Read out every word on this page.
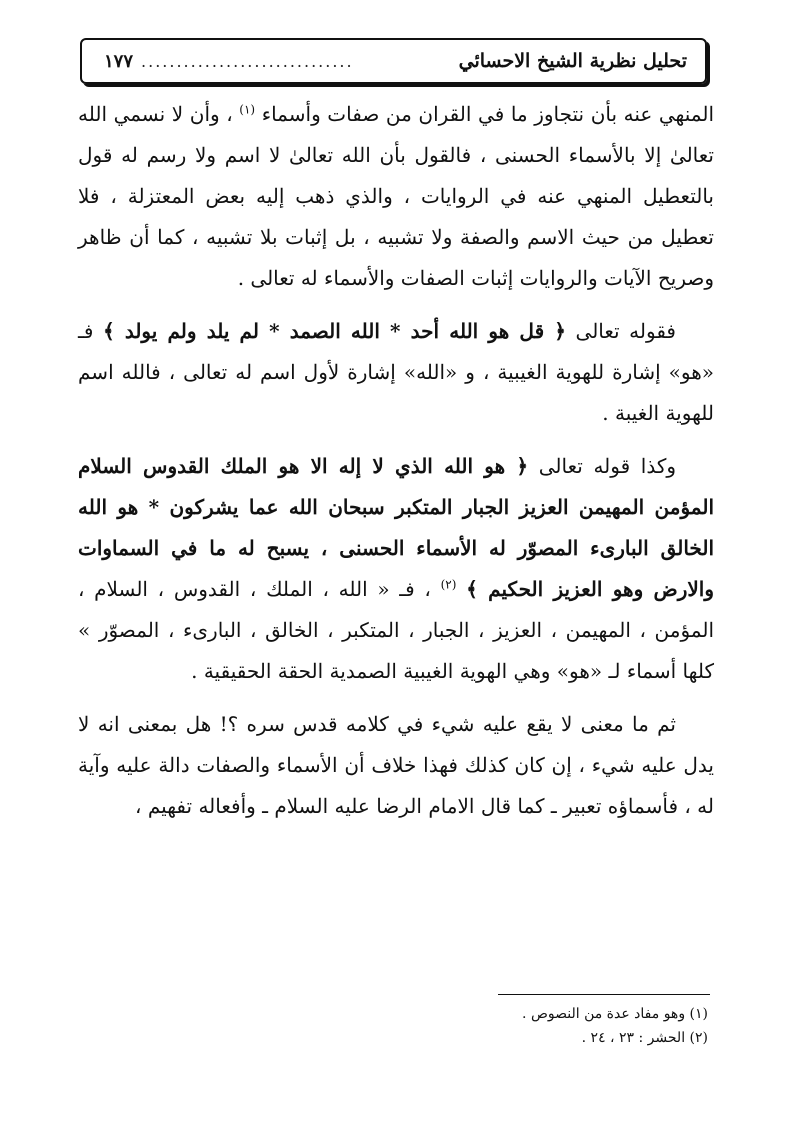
١٧٧ ..............................	تحليل نظرية الشيخ الاحسائي

المنهي عنه بأن نتجاوز ما في القران من صفات وأسماء $^{(١)}$ ، وأن لا نسمي الله تعالىٰ إلا بالأسماء الحسنى ، فالقول بأن الله تعالىٰ لا اسم ولا رسم له قول بالتعطيل المنهي عنه في الروايات ، والذي ذهب إليه بعض المعتزلة ، فلا تعطيل من حيث الاسم والصفة ولا تشبيه ، بل إثبات بلا تشبيه ، كما أن ظاهر وصريح الآيات والروايات إثبات الصفات والأسماء له تعالى .

فقوله تعالى ﴿ قل هو الله أحد * الله الصمد * لم يلد ولم يولد ﴾ فـ «هو» إشارة للهوية الغيبية ، و «الله» إشارة لأول اسم له تعالى ، فالله اسم للهوية الغيبة .

وكذا قوله تعالى ﴿ هو الله الذي لا إله الا هو الملك القدوس السلام المؤمن المهيمن العزيز الجبار المتكبر سبحان الله عما يشركون * هو الله الخالق البارىء المصوّر له الأسماء الحسنى ، يسبح له ما في السماوات والارض وهو العزيز الحكيم ﴾ $^{(٢)}$ ، فـ « الله ، الملك ، القدوس ، السلام ، المؤمن ، المهيمن ، العزيز ، الجبار ، المتكبر ، الخالق ، البارىء ، المصوّر » كلها أسماء لـ «هو» وهي الهوية الغيبية الصمدية الحقة الحقيقية .

ثم ما معنى لا يقع عليه شيء في كلامه قدس سره ؟! هل بمعنى انه لا يدل عليه شيء ، إن كان كذلك فهذا خلاف أن الأسماء والصفات دالة عليه وآية له ، فأسماؤه تعبير ـ كما قال الامام الرضا عليه السلام ـ وأفعاله تفهيم ،

(١) وهو مفاد عدة من النصوص .
(٢) الحشر : ٢٣ ، ٢٤ .
